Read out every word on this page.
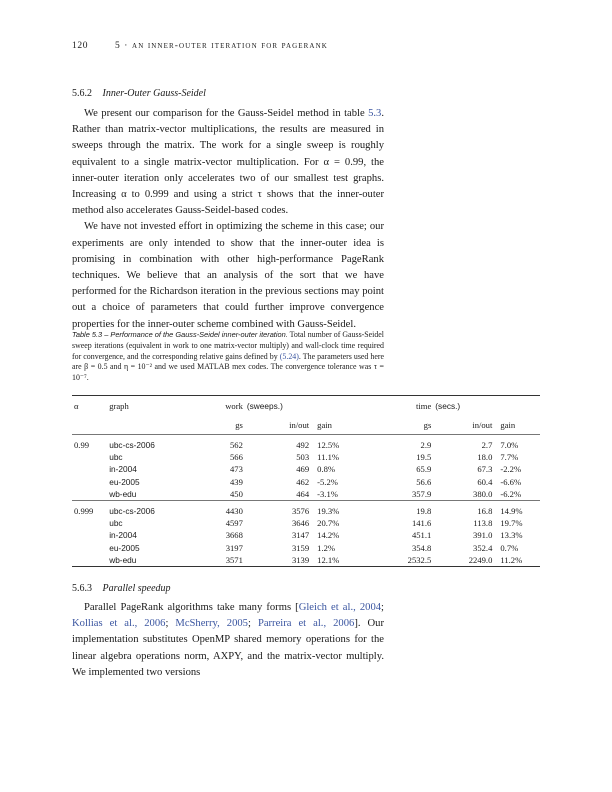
120	5 · an inner-outer iteration for pagerank
5.6.2 Inner-Outer Gauss-Seidel

We present our comparison for the Gauss-Seidel method in table 5.3. Rather than matrix-vector multiplications, the results are measured in sweeps through the matrix. The work for a single sweep is roughly equivalent to a single matrix-vector multiplication. For α = 0.99, the inner-outer iteration only accelerates two of our smallest test graphs. Increasing α to 0.999 and using a strict τ shows that the inner-outer method also accelerates Gauss-Seidel-based codes.

We have not invested effort in optimizing the scheme in this case; our experiments are only intended to show that the inner-outer idea is promising in combination with other high-performance PageRank techniques. We believe that an analysis of the sort that we have performed for the Richardson iteration in the previous sections may point out a choice of parameters that could further improve convergence properties for the inner-outer scheme combined with Gauss-Seidel.

Table 5.3 – Performance of the Gauss-Seidel inner-outer iteration. Total number of Gauss-Seidel sweep iterations (equivalent in work to one matrix-vector multiply) and wall-clock time required for convergence, and the corresponding relative gains defined by (5.24). The parameters used here are β = 0.5 and η = 10⁻² and we used MATLAB mex codes. The convergence tolerance was τ = 10⁻⁷.
α	graph	work	(sweeps.)		time	(secs.)	
		gs	in/out	gain	gs	in/out	gain
0.99	ubc-cs-2006	562	492	12.5%	2.9	2.7	7.0%
	ubc	566	503	11.1%	19.5	18.0	7.7%
	in-2004	473	469	0.8%	65.9	67.3	-2.2%
	eu-2005	439	462	-5.2%	56.6	60.4	-6.6%
	wb-edu	450	464	-3.1%	357.9	380.0	-6.2%
0.999	ubc-cs-2006	4430	3576	19.3%	19.8	16.8	14.9%
	ubc	4597	3646	20.7%	141.6	113.8	19.7%
	in-2004	3668	3147	14.2%	451.1	391.0	13.3%
	eu-2005	3197	3159	1.2%	354.8	352.4	0.7%
	wb-edu	3571	3139	12.1%	2532.5	2249.0	11.2%
5.6.3 Parallel speedup

Parallel PageRank algorithms take many forms [Gleich et al., 2004; Kollias et al., 2006; McSherry, 2005; Parreira et al., 2006]. Our implementation substitutes OpenMP shared memory operations for the linear algebra operations norm, AXPY, and the matrix-vector multiply. We implemented two versions
